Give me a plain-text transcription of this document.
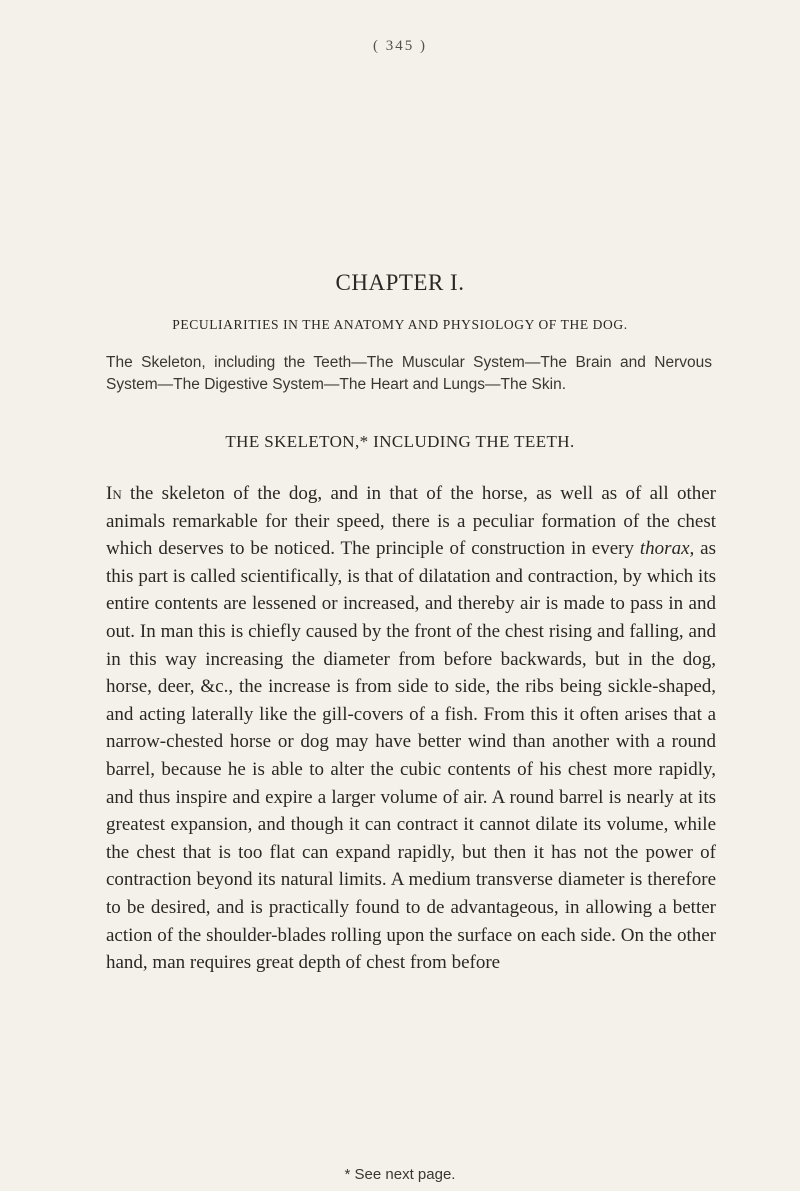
( 345 )
CHAPTER I.
PECULIARITIES IN THE ANATOMY AND PHYSIOLOGY OF THE DOG.
The Skeleton, including the Teeth—The Muscular System—The Brain and Nervous System—The Digestive System—The Heart and Lungs—The Skin.
THE SKELETON,* INCLUDING THE TEETH.

In the skeleton of the dog, and in that of the horse, as well as of all other animals remarkable for their speed, there is a peculiar formation of the chest which deserves to be noticed. The principle of construction in every thorax, as this part is called scientifically, is that of dilatation and contraction, by which its entire contents are lessened or increased, and thereby air is made to pass in and out. In man this is chiefly caused by the front of the chest rising and falling, and in this way increasing the diameter from before backwards, but in the dog, horse, deer, &c., the increase is from side to side, the ribs being sickle-shaped, and acting laterally like the gill-covers of a fish. From this it often arises that a narrow-chested horse or dog may have better wind than another with a round barrel, because he is able to alter the cubic contents of his chest more rapidly, and thus inspire and expire a larger volume of air. A round barrel is nearly at its greatest expansion, and though it can contract it cannot dilate its volume, while the chest that is too flat can expand rapidly, but then it has not the power of contraction beyond its natural limits. A medium transverse diameter is therefore to be desired, and is practically found to de advantageous, in allowing a better action of the shoulder-blades rolling upon the surface on each side. On the other hand, man requires great depth of chest from before

* See next page.
